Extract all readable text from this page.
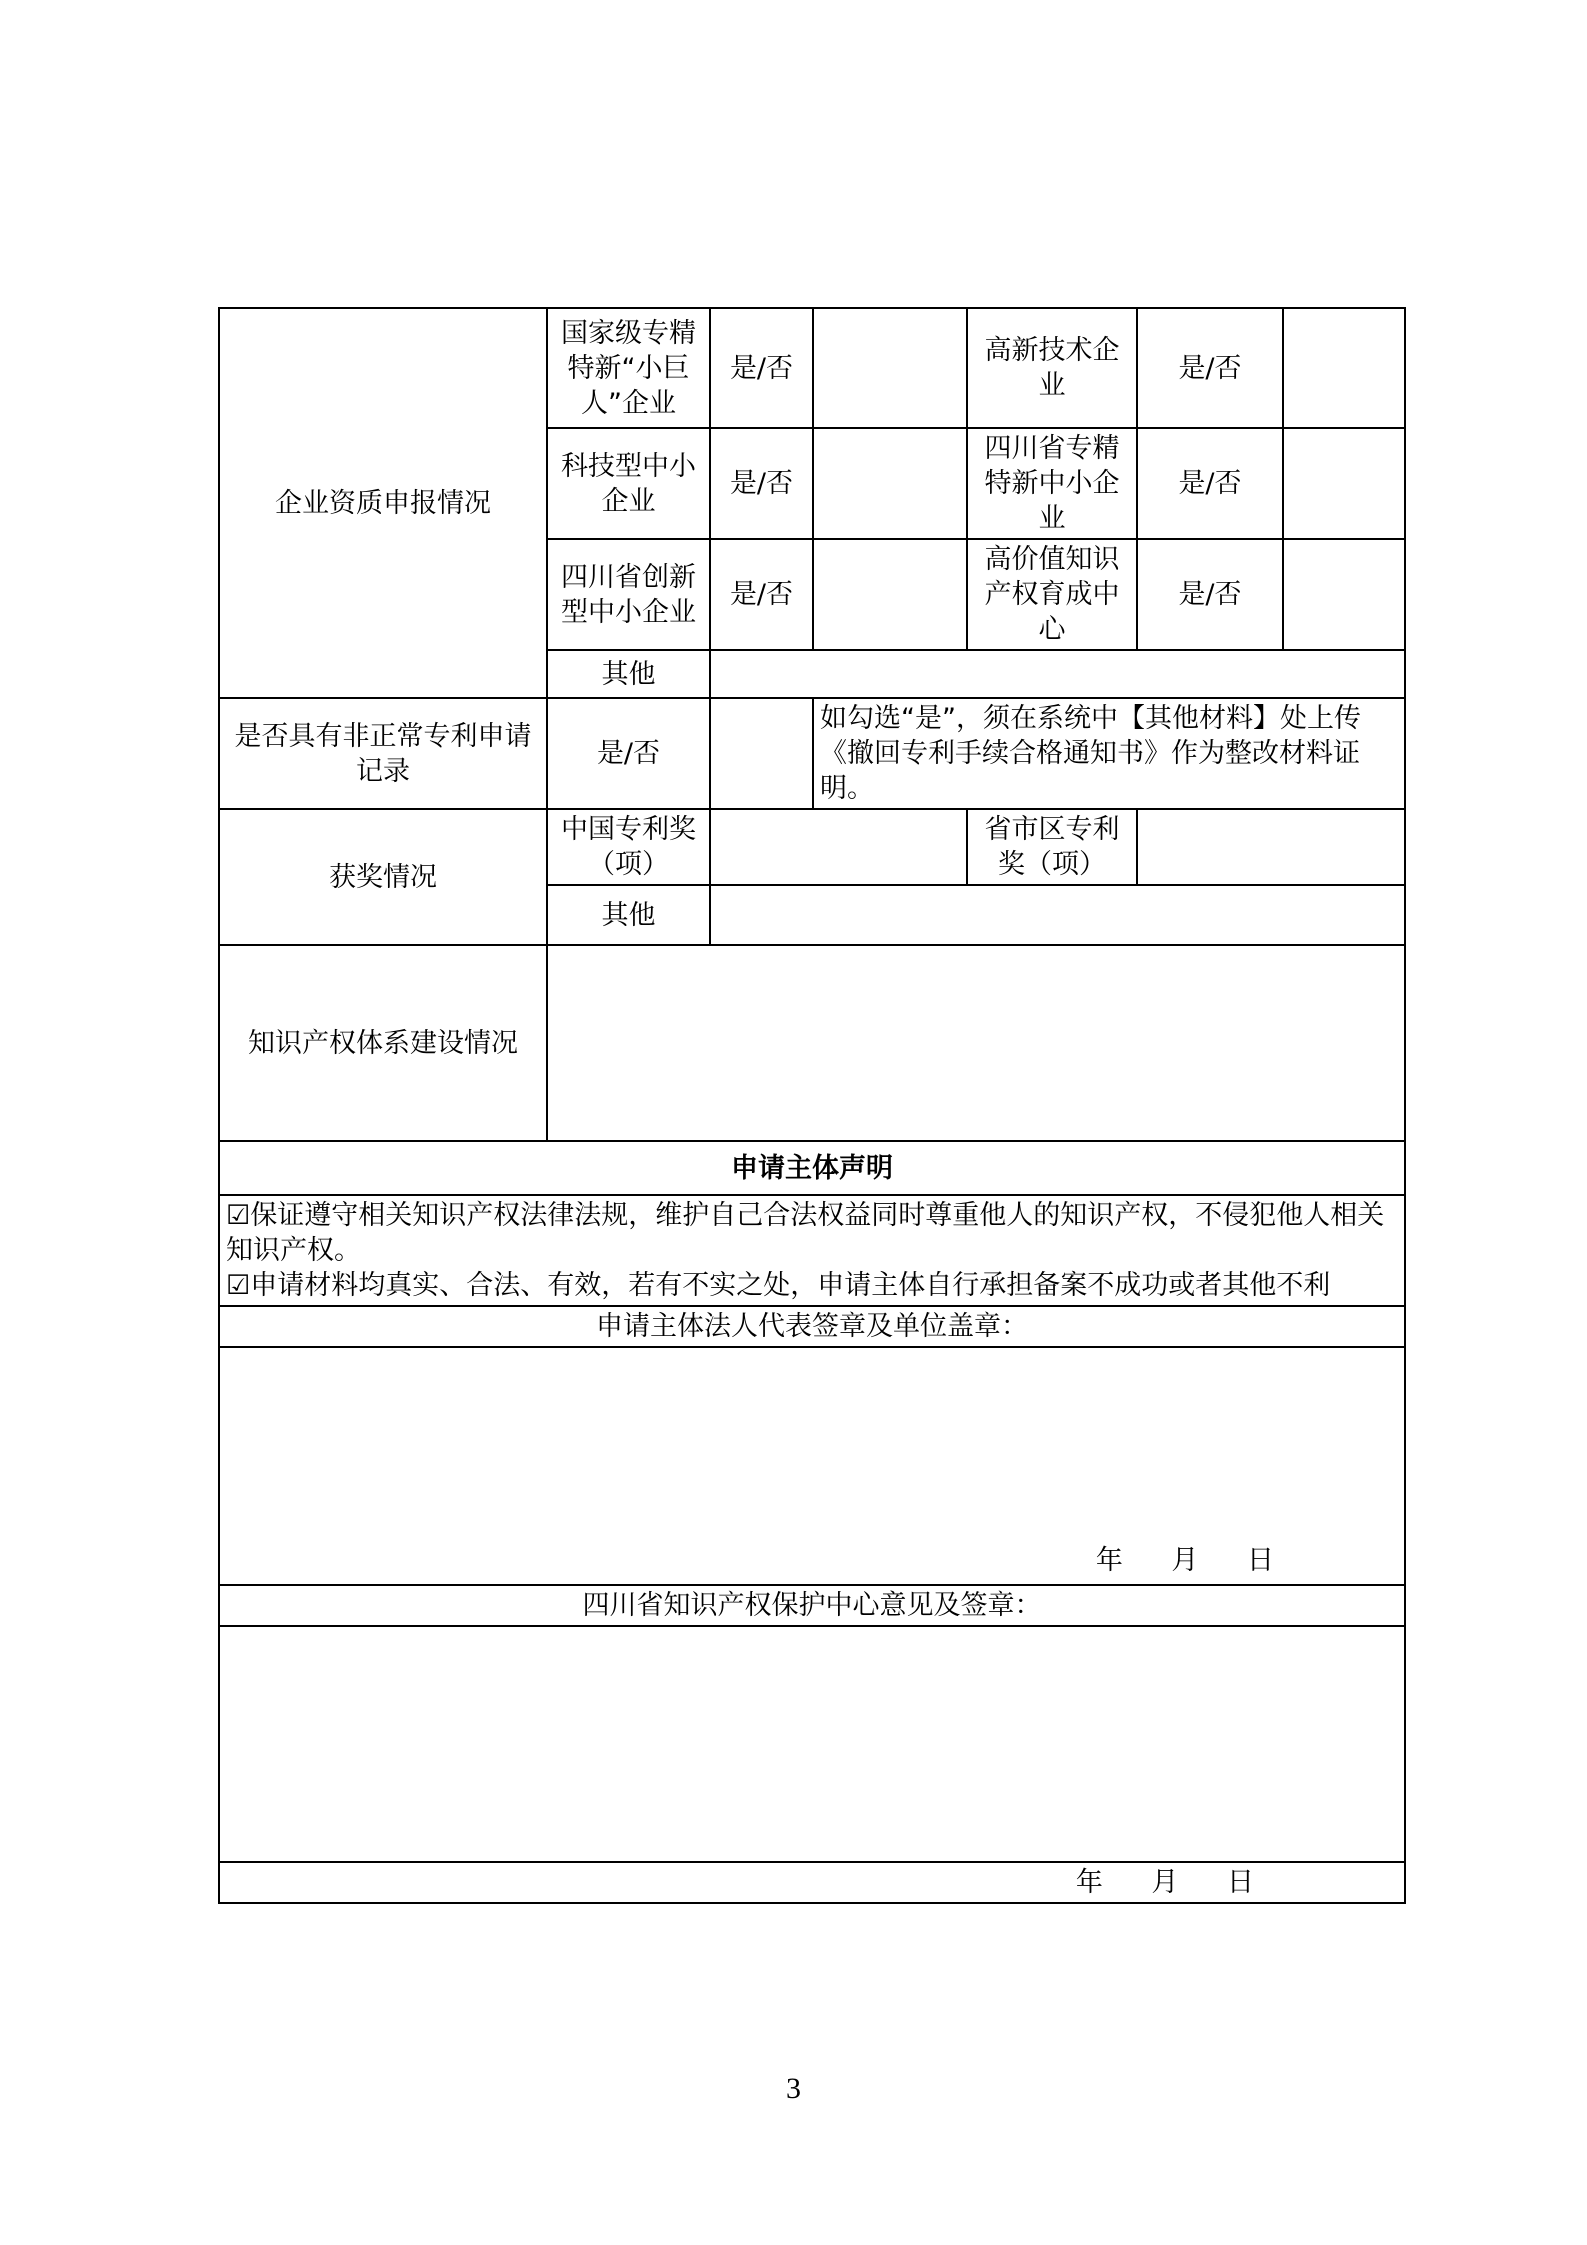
企业资质申报情况	国家级专精特新“小巨人”企业	是/否		高新技术企业	是/否	
	科技型中小企业	是/否		四川省专精特新中小企业	是/否	
	四川省创新型中小企业	是/否		高价值知识产权育成中心	是/否	
	其他					
是否具有非正常专利申请记录	是/否		如勾选“是”，须在系统中【其他材料】处上传《撤回专利手续合格通知书》作为整改材料证明。			
获奖情况	中国专利奖（项）			省市区专利奖（项）		
	其他					
知识产权体系建设情况						
申请主体声明						

☑保证遵守相关知识产权法律法规，维护自己合法权益同时尊重他人的知识产权，不侵犯他人相关知识产权。
☑申请材料均真实、合法、有效，若有不实之处，申请主体自行承担备案不成功或者其他不利						

申请主体法人代表签章及单位盖章：						
年 月 日						
四川省知识产权保护中心意见及签章：						

年 月 日						
3
